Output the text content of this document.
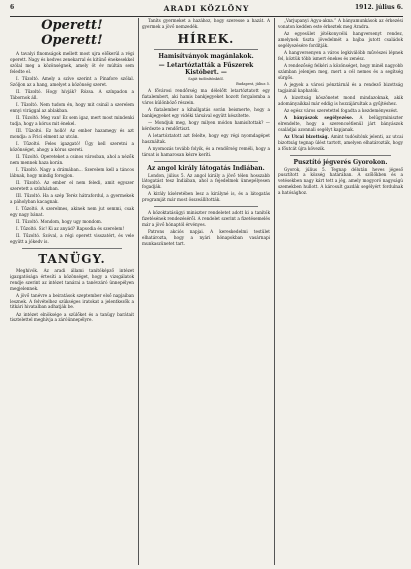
6	ARADI KÖZLÖNY	1912. július 6.
Operett! Operett!

A tavalyi finomságok mellett most ujra előkerül a régi operett. Nagy és kedves zenekarral és kitünő énekesekkel szólal meg a közönségnek, amely öt év múltán sem feledte el.

I. Tűzoltó. Amely a szíve szerint a Pinafore szólal. Szóljon az a hang, amelyet a közönség szeret.

II. Tűzoltó. Hogy hívják? Rózsa. A színpadon a Tábornok áll.

I. Tűzoltó. Nem tudom én, hogy mit csinál a szerelem ennyi virággal az ablakban.

II. Tűzoltó. Meg van! Ez sem igaz, mert most mindenki tudja, hogy a kórus mit énekel.

III. Tűzoltó. Ez holló! Az ember hazamegy és azt mondja: a Frici elment az utcán.

I. Tűzoltó. Feles igazgató! Úgy kell szeretni a közönséget, ahogy a kórus szereti.

II. Tűzoltó. Opereteket a csinos városban, ahol a nézők nem mennek haza korán.

I. Tűzoltó. Nagy a drámában... Szerelem kell a táncos lábnak, hogy mindig forogjon.

II. Tűzoltó. Az ember el nem feledi, amit egyszer szeretett a színházban.

III. Tűzoltó. Ha a szép Teréz hátrafordul, a gyermekek a páholyban kacagnak.

I. Tűzoltó. A szerelmes, akinek nem jut semmi, csak egy nagy bánat.

II. Tűzoltó. Mondom, hogy ugy mondom.

I. Tűzoltó. Sic! Ki az anyád? Rapsodia és szerelem!

II. Tűzoltó. Szóval, a régi operett visszatért, és vele együtt a jókedv is.

TANÜGY.

Meghívók. Az aradi állami tanítóképző intézet igazgatósága értesíti a közönséget, hogy a vizsgálatok rendje szerint az intézet tanárai a tanévzáró ünnepélyen megjelennek.

A jövő tanévre a beiratások szeptember első napjaiban lesznek. A felvételhez szükséges iratokat a jelentkezők a titkári hivatalban adhatják be.

Az intézet elnöksége a szülőket és a tanügy barátait tisztelettel meghívja a záróünnepélyre.

Taníts gyermeket a hazához, hogy szeresse a hazát. A gyermek a jövő nemzedék.

HÍREK.
Hamisítványok magánlakok.
— Letartóztatták a Fűszerek Kistóbert. —
Saját tudósítónktól.
Budapest, július 5.

A fővárosi rendőrség ma délelőtt letartóztatott egy fiatalembert, aki hamis bankjegyeket hozott forgalomba a város különböző részein.

A fiatalember a kihallgatás során beismerte, hogy a bankjegyeket egy vidéki társával együtt készítette.

— Mondjuk meg, hogy milyen módon hamisítottak? — kérdezte a rendőrtiszt.

A letartóztatott azt felelte, hogy egy régi nyomdagépet használtak.

A nyomozás tovább folyik, és a rendőrség reméli, hogy a társat is hamarosan kézre keríti.

Az angol király látogatás Indiában.

London, július 5. Az angol király a jövő télen hosszabb látogatást tesz Indiában, ahol a fejedelmek ünnepélyesen fogadják.

A király kíséretében lesz a királyné is, és a látogatás programját már most összeállították.

A közoktatásügyi miniszter rendeletet adott ki a tanítók fizetésének rendezéséről. A rendelet szerint a fizetésemelés már a jövő hónaptól érvényes.

Patrons akciós napjai. A kereskedelmi testület elhatározta, hogy a nyári hónapokban vasárnapi munkaszünetet tart.

„Varjupanyi Agyu-akna.” A bányamunkások az érkezési vonaton kedden este érkeztek meg Aradra.

Az egyesület jótékonycélú hangversenyt rendez, amelynek tiszta jövedelmét a bajba jutott családok segélyezésére fordítják.

A hangversenyen a város legkiválóbb művészei lépnek fel, köztük több ismert énekes és zenész.

A rendezőség felkéri a közönséget, hogy minél nagyobb számban jelenjen meg, mert a cél nemes és a segítség sürgős.

A jegyek a városi pénztárnál és a rendező bizottság tagjainál kaphatók.

A bizottság köszönetet mond mindazoknak, akik adományaikkal már eddig is hozzájárultak a gyűjtéshez.

Az egész város szeretettel fogadta a kezdeményezést.

A bányászok segélyezése. A belügyminiszter elrendelte, hogy a szerencsétlenül járt bányászok családjai azonnali segélyt kapjanak.

Az Utcai bizottság. Amint tudósítónk jelenti, az utcai bizottság tegnap ülést tartott, amelyen elhatározták, hogy a főutcát újra kövezik.

Pusztító jégverés Gyorokon.

Gyorok, július 5. Tegnap délután heves jégeső pusztított a község határában. A szőlőkben és a vetésekben nagy kárt tett a jég, amely mogyoró nagyságú szemekben hullott. A károsult gazdák segélyért fordulnak a hatósághoz.
